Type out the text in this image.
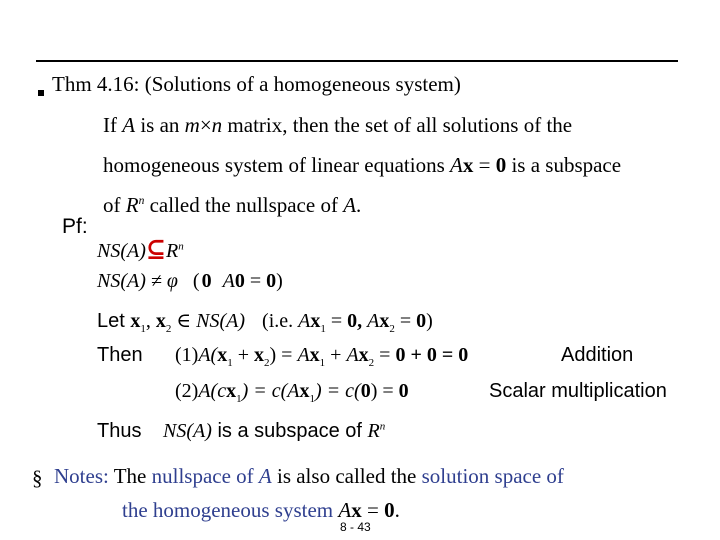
Thm 4.16: (Solutions of a homogeneous system)
If A is an m×n matrix, then the set of all solutions of the
homogeneous system of linear equations Ax = 0 is a subspace
of $R^n$ called the nullspace of A.
Pf:
$NS(A)⊆R^n$
NS(A) ≠ φ ( 0 A0 = 0)
Let $x_1$, $x_2$ ∈ NS(A) (i.e. $Ax_1 = 0$, $Ax_2 = 0$)
Then $(1)A(x_1 + x_2) = Ax_1 + Ax_2 = 0 + 0 = 0$	Addition
$(2)A(cx_1) = c(Ax_1) = c(0) = 0$	Scalar multiplication
Thus NS(A) is a subspace of $R^n$
§ Notes: The nullspace of A is also called the solution space of
the homogeneous system Ax = 0.
8 - 43
